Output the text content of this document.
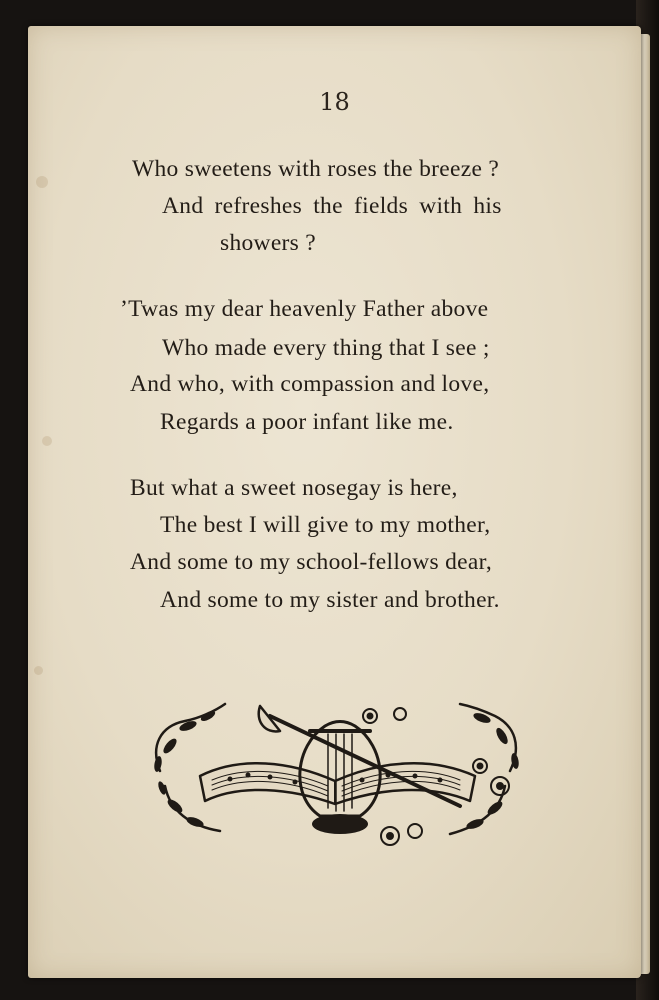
18
Who sweetens with roses the breeze ?
And refreshes the fields with his
showers ?
’Twas my dear heavenly Father above
Who made every thing that I see ;
And who, with compassion and love,
Regards a poor infant like me.
But what a sweet nosegay is here,
The best I will give to my mother,
And some to my school-fellows dear,
And some to my sister and brother.
